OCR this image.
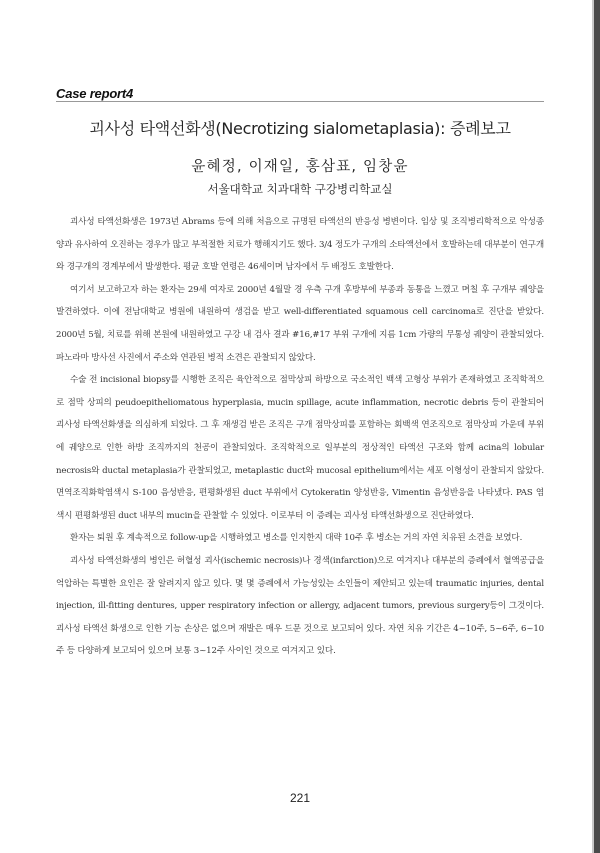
Case report4
괴사성 타액선화생(Necrotizing sialometaplasia): 증례보고

윤혜정, 이재일, 홍삼표, 임창윤

서울대학교 치과대학 구강병리학교실

괴사성 타액선화생은 1973년 Abrams 등에 의해 처음으로 규명된 타액선의 반응성 병변이다. 임상 및 조직병리학적으로 악성종양과 유사하여 오진하는 경우가 많고 부적절한 치료가 행해지기도 했다. 3/4 정도가 구개의 소타액선에서 호발하는데 대부분이 연구개와 경구개의 경계부에서 발생한다. 평균 호발 연령은 46세이며 남자에서 두 배정도 호발한다.

여기서 보고하고자 하는 환자는 29세 여자로 2000년 4월말 경 우측 구개 후방부에 부종과 동통을 느꼈고 며칠 후 구개부 궤양을 발견하였다. 이에 전남대학교 병원에 내원하여 생검을 받고 well-differentiated squamous cell carcinoma로 진단을 받았다. 2000년 5월, 치료를 위해 본원에 내원하였고 구강 내 검사 결과 #16,#17 부위 구개에 지름 1cm 가량의 무통성 궤양이 관찰되었다. 파노라마 방사선 사진에서 주소와 연관된 병적 소견은 관찰되지 않았다.

수술 전 incisional biopsy를 시행한 조직은 육안적으로 점막상피 하방으로 국소적인 백색 고형상 부위가 존재하였고 조직학적으로 점막 상피의 peudoepitheliomatous hyperplasia, mucin spillage, acute inflammation, necrotic debris 등이 관찰되어 괴사성 타액선화생을 의심하게 되었다. 그 후 재생검 받은 조직은 구개 점막상피를 포함하는 회백색 연조직으로 점막상피 가운데 부위에 궤양으로 인한 하방 조직까지의 천공이 관찰되었다. 조직학적으로 일부분의 정상적인 타액선 구조와 함께 acina의 lobular necrosis와 ductal metaplasia가 관찰되었고, metaplastic duct와 mucosal epithelium에서는 세포 이형성이 관찰되지 않았다. 면역조직화학염색시 S-100 음성반응, 편평화생된 duct 부위에서 Cytokeratin 양성반응, Vimentin 음성반응을 나타냈다. PAS 염색시 편평화생된 duct 내부의 mucin을 관찰할 수 있었다. 이로부터 이 증례는 괴사성 타액선화생으로 진단하였다.

환자는 퇴원 후 계속적으로 follow-up을 시행하였고 병소를 인지한지 대략 10주 후 병소는 거의 자연 치유된 소견을 보였다.

괴사성 타액선화생의 병인은 허혈성 괴사(ischemic necrosis)나 경색(infarction)으로 여겨지나 대부분의 증례에서 혈액공급을 억압하는 특별한 요인은 잘 알려지지 않고 있다. 몇 몇 증례에서 가능성있는 소인들이 제안되고 있는데 traumatic injuries, dental injection, ill-fitting dentures, upper respiratory infection or allergy, adjacent tumors, previous surgery등이 그것이다. 괴사성 타액선 화생으로 인한 기능 손상은 없으며 재발은 매우 드문 것으로 보고되어 있다. 자연 치유 기간은 4~10주, 5~6주, 6~10주 등 다양하게 보고되어 있으며 보통 3~12주 사이인 것으로 여겨지고 있다.

221
